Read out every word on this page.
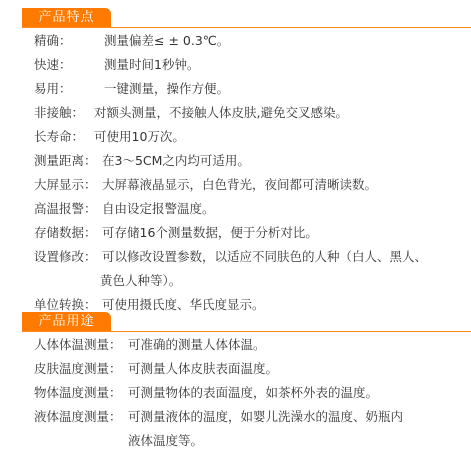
产品特点
精确：	测量偏差≤ ± 0.3℃。
快速：	测量时间1秒钟。
易用：	一键测量，操作方便。
非接触： 对额头测量，不接触人体皮肤,避免交叉感染。
长寿命： 可使用10万次。
测量距离： 在3～5CM之内均可适用。
大屏显示： 大屏幕液晶显示，白色背光，夜间都可清晰读数。
高温报警： 自由设定报警温度。
存储数据： 可存储16个测量数据，便于分析对比。
设置修改： 可以修改设置参数，以适应不同肤色的人种（白人、黑人、
黄色人种等）。
单位转换： 可使用摄氏度、华氏度显示。
产品用途
人体体温测量： 可准确的测量人体体温。
皮肤温度测量： 可测量人体皮肤表面温度。
物体温度测量： 可测量物体的表面温度，如茶杯外表的温度。
液体温度测量： 可测量液体的温度，如婴儿洗澡水的温度、奶瓶内
液体温度等。
